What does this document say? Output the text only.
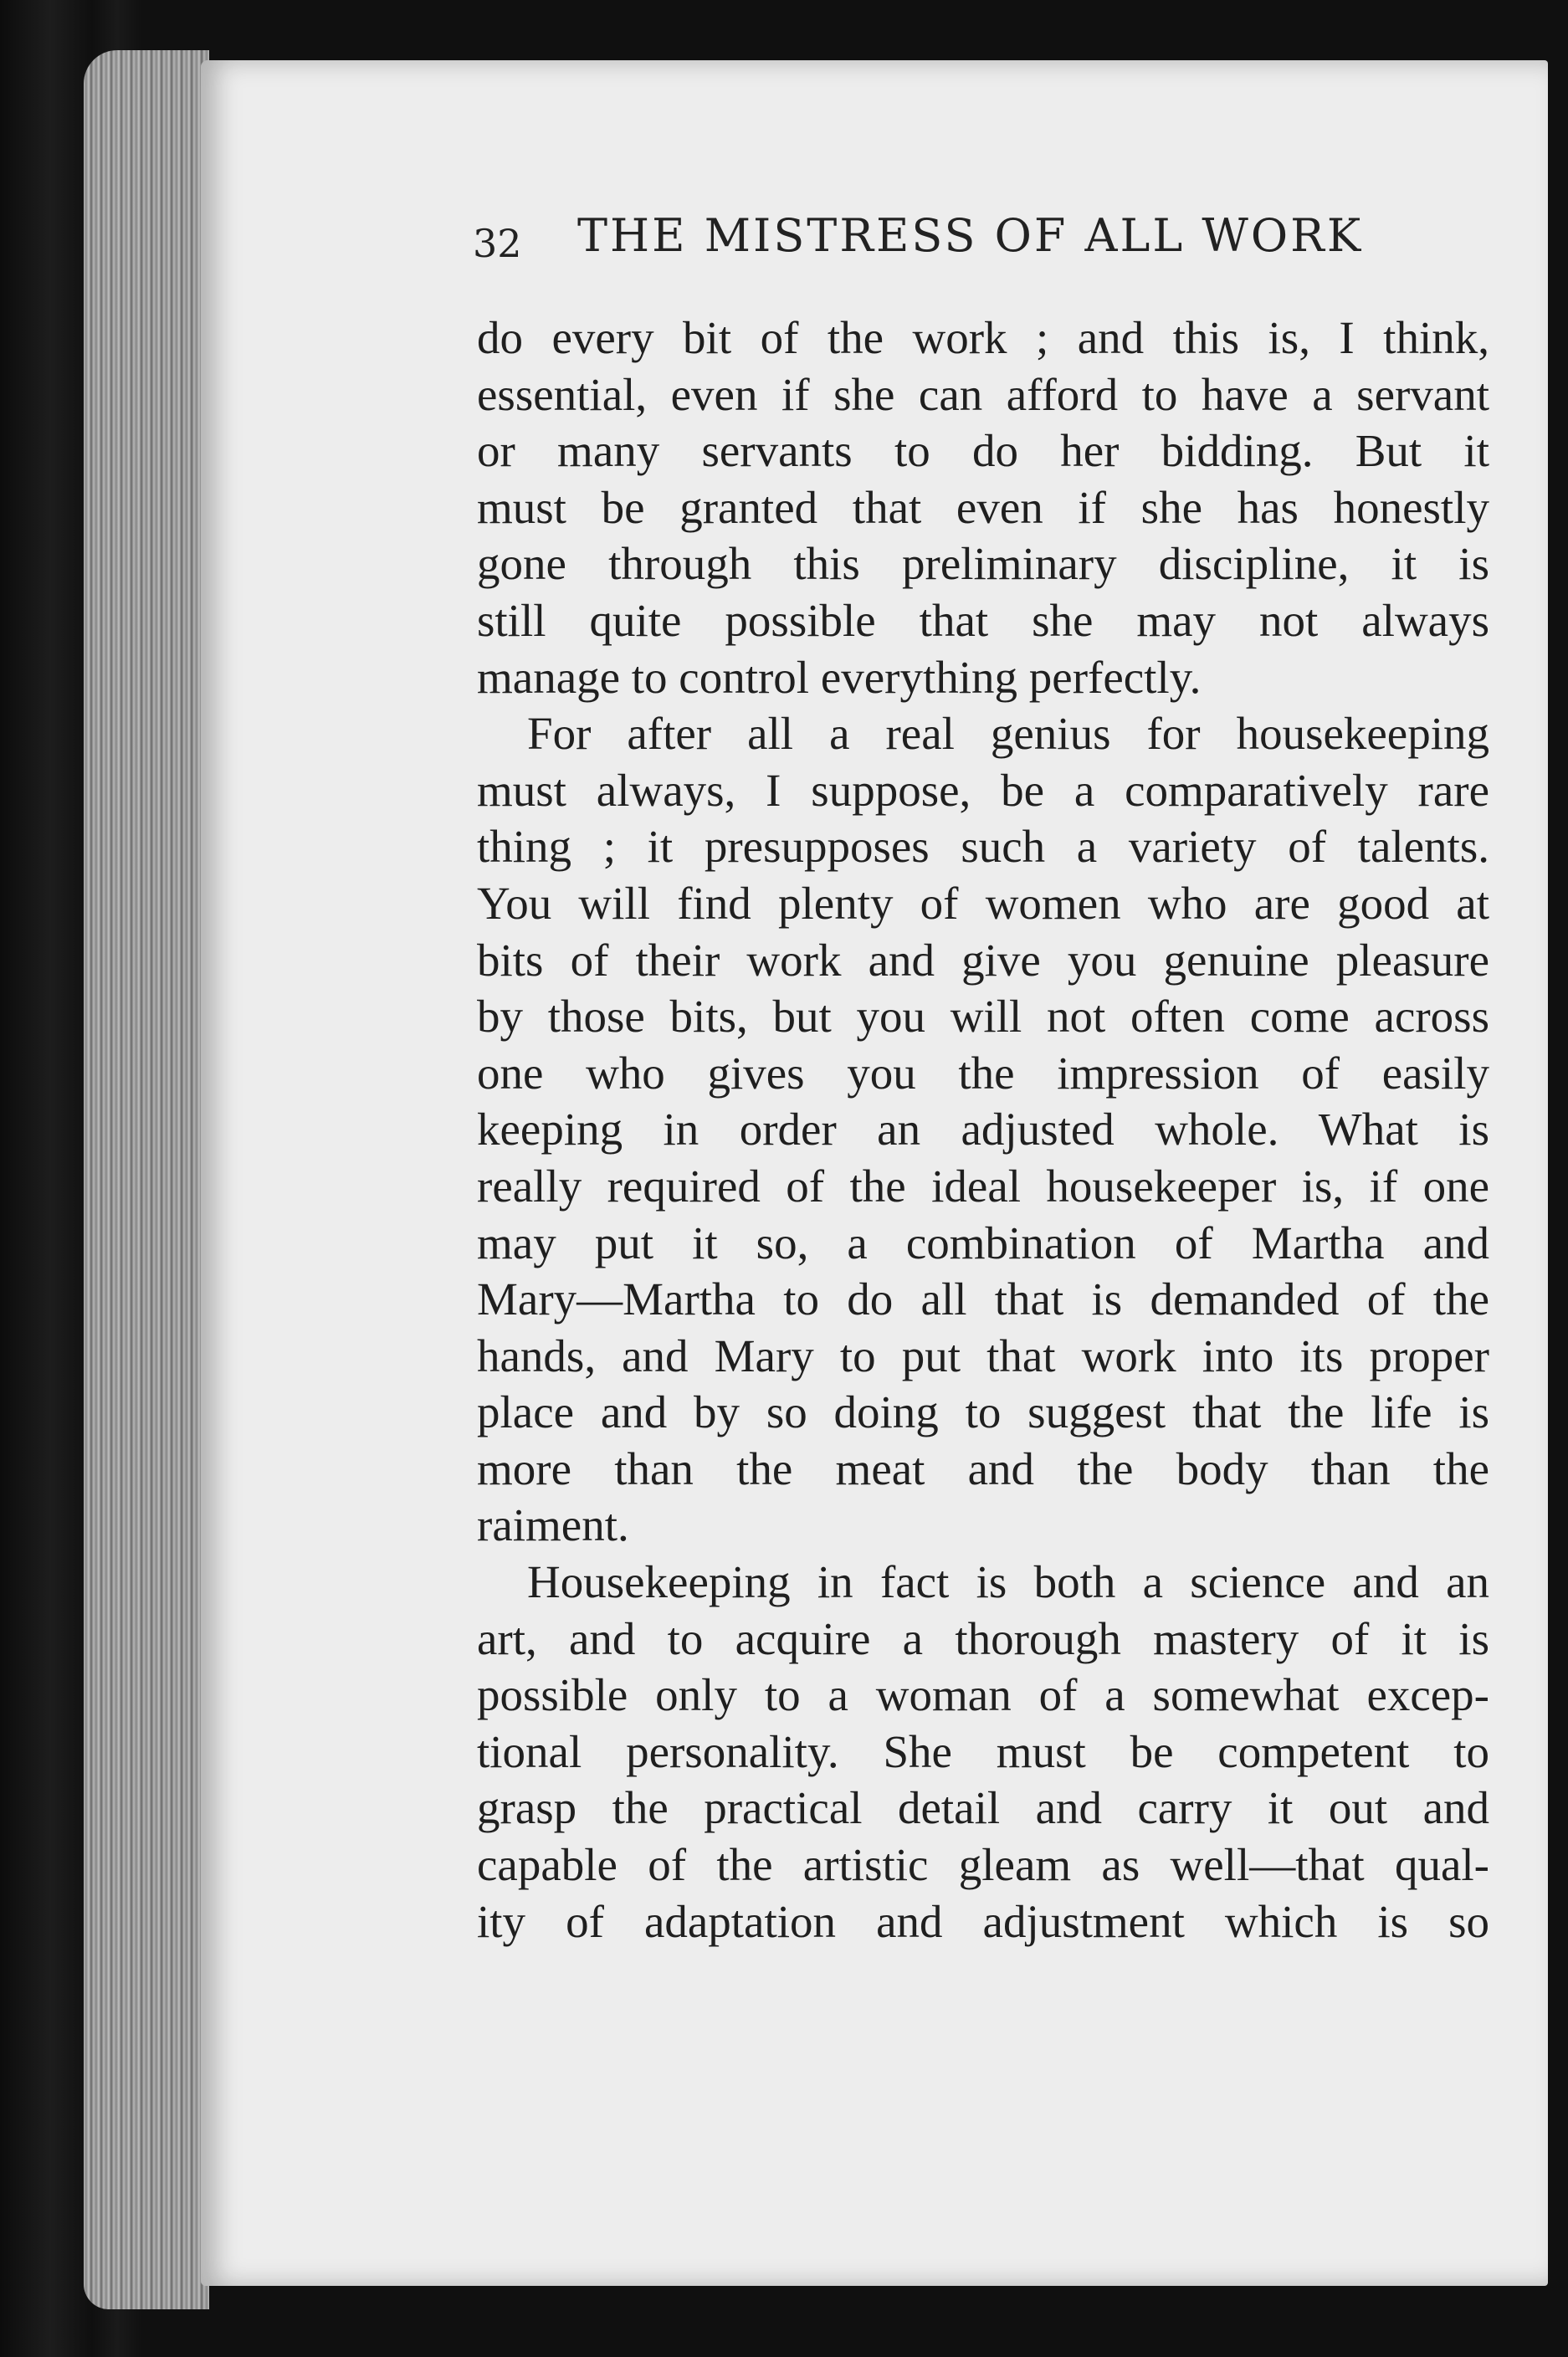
32 THE MISTRESS OF ALL WORK
do every bit of the work ; and this is, I think,
essential, even if she can afford to have a servant
or many servants to do her bidding. But it
must be granted that even if she has honestly
gone through this preliminary discipline, it is
still quite possible that she may not always
manage to control everything perfectly.
For after all a real genius for housekeeping
must always, I suppose, be a comparatively rare
thing ; it presupposes such a variety of talents.
You will find plenty of women who are good at
bits of their work and give you genuine pleasure
by those bits, but you will not often come across
one who gives you the impression of easily
keeping in order an adjusted whole. What is
really required of the ideal housekeeper is, if one
may put it so, a combination of Martha and
Mary—Martha to do all that is demanded of the
hands, and Mary to put that work into its proper
place and by so doing to suggest that the life is
more than the meat and the body than the
raiment.
Housekeeping in fact is both a science and an
art, and to acquire a thorough mastery of it is
possible only to a woman of a somewhat excep-
tional personality. She must be competent to
grasp the practical detail and carry it out and
capable of the artistic gleam as well—that qual-
ity of adaptation and adjustment which is so
